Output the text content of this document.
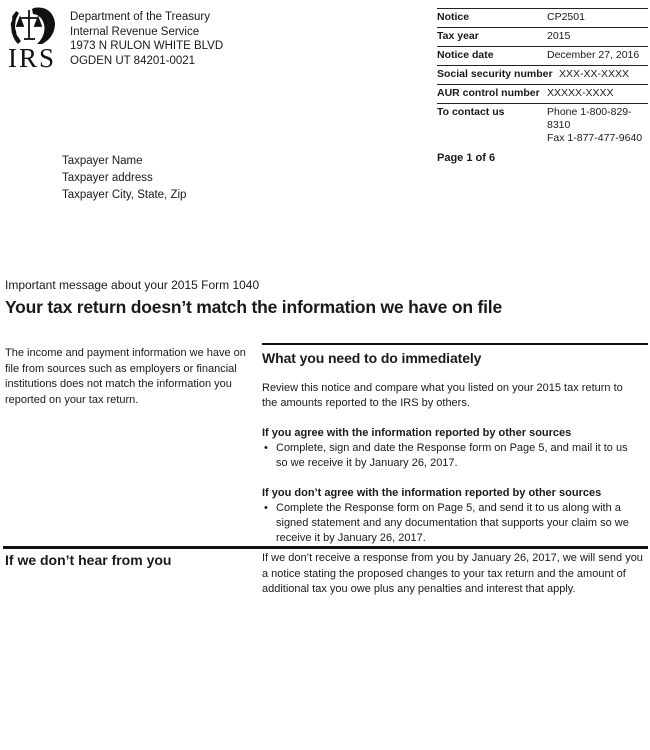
IRS
Department of the Treasury
Internal Revenue Service
1973 N RULON WHITE BLVD
OGDEN UT 84201-0021
Notice	CP2501
Tax year	2015
Notice date	December 27, 2016
Social security number XXX-XX-XXXX
AUR control number XXXXX-XXXX
To contact us	Phone 1-800-829-8310
Fax 1-877-477-9640
Page 1 of 6
Taxpayer Name
Taxpayer address
Taxpayer City, State, Zip
Important message about your 2015 Form 1040
Your tax return doesn’t match the information we have on file
The income and payment information we have on file from sources such as employers or financial institutions does not match the information you reported on your tax return.
What you need to do immediately
Review this notice and compare what you listed on your 2015 tax return to the amounts reported to the IRS by others.
If you agree with the information reported by other sources
• Complete, sign and date the Response form on Page 5, and mail it to us so we receive it by January 26, 2017.
If you don’t agree with the information reported by other sources
• Complete the Response form on Page 5, and send it to us along with a signed statement and any documentation that supports your claim so we receive it by January 26, 2017.
If we don’t hear from you	If we don’t receive a response from you by January 26, 2017, we will send you a notice stating the proposed changes to your tax return and the amount of additional tax you owe plus any penalties and interest that apply.
